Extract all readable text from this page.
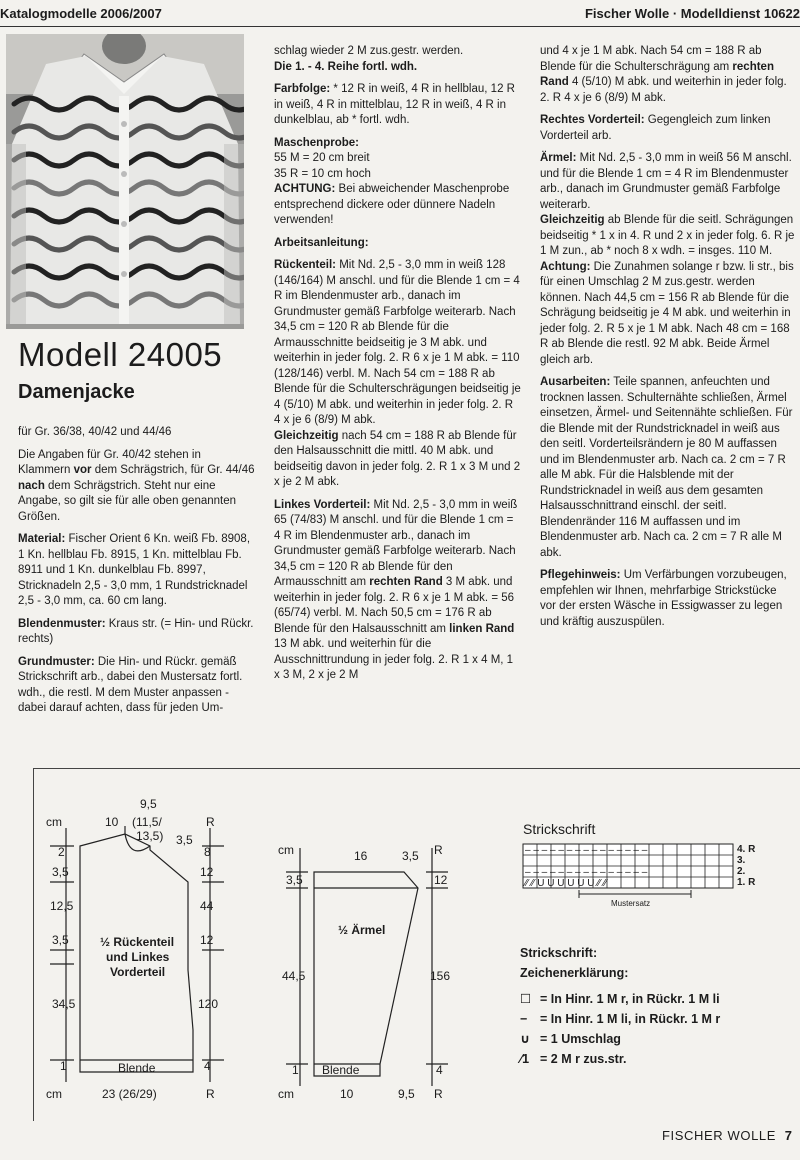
Katalogmodelle 2006/2007	Fischer Wolle · Modelldienst 10622
Modell 24005
Damenjacke

für Gr. 36/38, 40/42 und 44/46

Die Angaben für Gr. 40/42 stehen in Klammern vor dem Schrägstrich, für Gr. 44/46 nach dem Schrägstrich. Steht nur eine Angabe, so gilt sie für alle oben genannten Größen.

Material: Fischer Orient 6 Kn. weiß Fb. 8908, 1 Kn. hellblau Fb. 8915, 1 Kn. mittelblau Fb. 8911 und 1 Kn. dunkelblau Fb. 8997, Stricknadeln 2,5 - 3,0 mm, 1 Rundstricknadel 2,5 - 3,0 mm, ca. 60 cm lang.

Blendenmuster: Kraus str. (= Hin- und Rückr. rechts)

Grundmuster: Die Hin- und Rückr. gemäß Strickschrift arb., dabei den Mustersatz fortl. wdh., die restl. M dem Muster anpassen - dabei darauf achten, dass für jeden Um-

schlag wieder 2 M zus.gestr. werden.

Die 1. - 4. Reihe fortl. wdh.

Farbfolge: * 12 R in weiß, 4 R in hellblau, 12 R in weiß, 4 R in mittelblau, 12 R in weiß, 4 R in dunkelblau, ab * fortl. wdh.

Maschenprobe:
55 M = 20 cm breit
35 R = 10 cm hoch
ACHTUNG: Bei abweichender Maschenprobe entsprechend dickere oder dünnere Nadeln verwenden!

Arbeitsanleitung:

Rückenteil: Mit Nd. 2,5 - 3,0 mm in weiß 128 (146/164) M anschl. und für die Blende 1 cm = 4 R im Blendenmuster arb., danach im Grundmuster gemäß Farbfolge weiterarb. Nach 34,5 cm = 120 R ab Blende für die Armausschnitte beidseitig je 3 M abk. und weiterhin in jeder folg. 2. R 6 x je 1 M abk. = 110 (128/146) verbl. M. Nach 54 cm = 188 R ab Blende für die Schulterschrägungen beidseitig je 4 (5/10) M abk. und weiterhin in jeder folg. 2. R 4 x je 6 (8/9) M abk.
Gleichzeitig nach 54 cm = 188 R ab Blende für den Halsausschnitt die mittl. 40 M abk. und beidseitig davon in jeder folg. 2. R 1 x 3 M und 2 x je 2 M abk.

Linkes Vorderteil: Mit Nd. 2,5 - 3,0 mm in weiß 65 (74/83) M anschl. und für die Blende 1 cm = 4 R im Blendenmuster arb., danach im Grundmuster gemäß Farbfolge weiterarb. Nach 34,5 cm = 120 R ab Blende für den Armausschnitt am rechten Rand 3 M abk. und weiterhin in jeder folg. 2. R 6 x je 1 M abk. = 56 (65/74) verbl. M. Nach 50,5 cm = 176 R ab Blende für den Halsausschnitt am linken Rand 13 M abk. und weiterhin für die Ausschnittrundung in jeder folg. 2. R 1 x 4 M, 1 x 3 M, 2 x je 2 M

und 4 x je 1 M abk. Nach 54 cm = 188 R ab Blende für die Schulterschrägung am rechten Rand 4 (5/10) M abk. und weiterhin in jeder folg. 2. R 4 x je 6 (8/9) M abk.

Rechtes Vorderteil: Gegengleich zum linken Vorderteil arb.

Ärmel: Mit Nd. 2,5 - 3,0 mm in weiß 56 M anschl. und für die Blende 1 cm = 4 R im Blendenmuster arb., danach im Grundmuster gemäß Farbfolge weiterarb.
Gleichzeitig ab Blende für die seitl. Schrägungen beidseitig * 1 x in 4. R und 2 x in jeder folg. 6. R je 1 M zun., ab * noch 8 x wdh. = insges. 110 M.
Achtung: Die Zunahmen solange r bzw. li str., bis für einen Umschlag 2 M zus.gestr. werden können. Nach 44,5 cm = 156 R ab Blende für die Schrägung beidseitig je 4 M abk. und weiterhin in jeder folg. 2. R 5 x je 1 M abk. Nach 48 cm = 168 R ab Blende die restl. 92 M abk. Beide Ärmel gleich arb.

Ausarbeiten: Teile spannen, anfeuchten und trocknen lassen. Schulternähte schließen, Ärmel einsetzen, Ärmel- und Seitennähte schließen. Für die Blende mit der Rundstricknadel in weiß aus den seitl. Vorderteilsrändern je 80 M auffassen und im Blendenmuster arb. Nach ca. 2 cm = 7 R alle M abk. Für die Halsblende mit der Rundstricknadel in weiß aus dem gesamten Halsausschnittrand einschl. der seitl. Blendenränder 116 M auffassen und im Blendenmuster arb. Nach ca. 2 cm = 7 R alle M abk.

Pflegehinweis: Um Verfärbungen vorzubeugen, empfehlen wir Ihnen, mehrfarbige Strickstücke vor der ersten Wäsche in Essigwasser zu legen und kräftig auszuspülen.

9,5
10 (11,5/
13,5) 3,5
cm	R
2
3,5
12,5
3,5
34,5
1
8
12
44
12
120
4
½ Rückenteil
und Linkes
Vorderteil
Blende
cm	23 (26/29)	R
cm	R
16	3,5
3,5
44,5
1
12
156
4
½ Ärmel
Blende
cm	10	9,5 R
Strickschrift
– – – – – – – – – – – – – – –
– – – – – – – – – – – – – – –
⁄⁄ ⁄⁄ U U U U U U ⁄⁄ ⁄⁄
4. R
3.
2.
1. R
Mustersatz
Strickschrift:
Zeichenerklärung:
☐ = In Hinr. 1 M r, in Rückr. 1 M li
−	= In Hinr. 1 M li, in Rückr. 1 M r
∪ = 1 Umschlag
⁄1 = 2 M r zus.str.
FISCHER WOLLE 7
